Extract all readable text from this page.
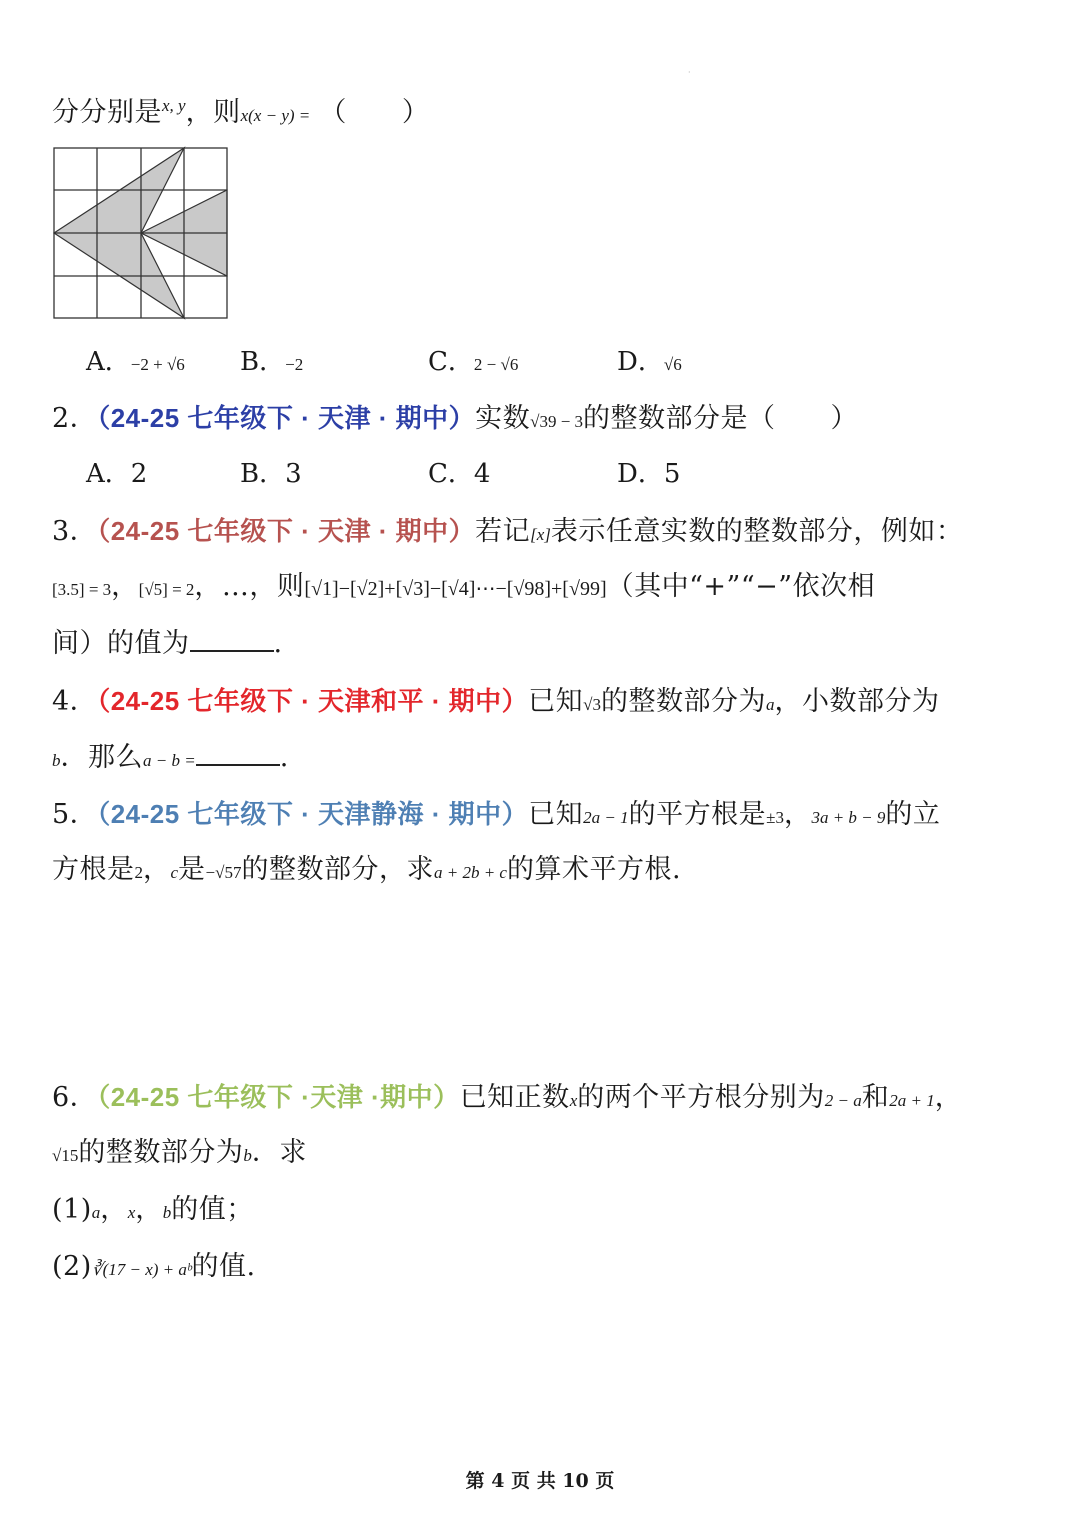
·
分分别是$^{x, y}$，则x(x − y) = （　　）
A．−2 + √6 B．−2	C．2 − √6	D．√6
2．（24-25 七年级下 · 天津 · 期中）实数√39 − 3的整数部分是（　　）
A．2	B．3	C．4	D．5
3．（24-25 七年级下 · 天津 · 期中）若记[x]表示任意实数的整数部分，例如：
[3.5] = 3，[√5] = 2，…，则[√1]−[√2]+[√3]−[√4]⋯−[√98]+[√99]（其中“+”“−”依次相
间）的值为	.
4．（24-25 七年级下 · 天津和平 · 期中）已知√3的整数部分为a，小数部分为
b．那么a − b =	.
5．（24-25 七年级下 · 天津静海 · 期中）已知2a − 1的平方根是±3，3a + b − 9的立
方根是2，c是−√57的整数部分，求a + 2b + c的算术平方根.
6．（24-25 七年级下 ·天津 ·期中）已知正数x的两个平方根分别为2 − a和2a + 1，
√15的整数部分为b．求
(1)a，x，b的值；
(2)∛(17 − x) + aᵇ的值.
第 4 页 共 10 页
